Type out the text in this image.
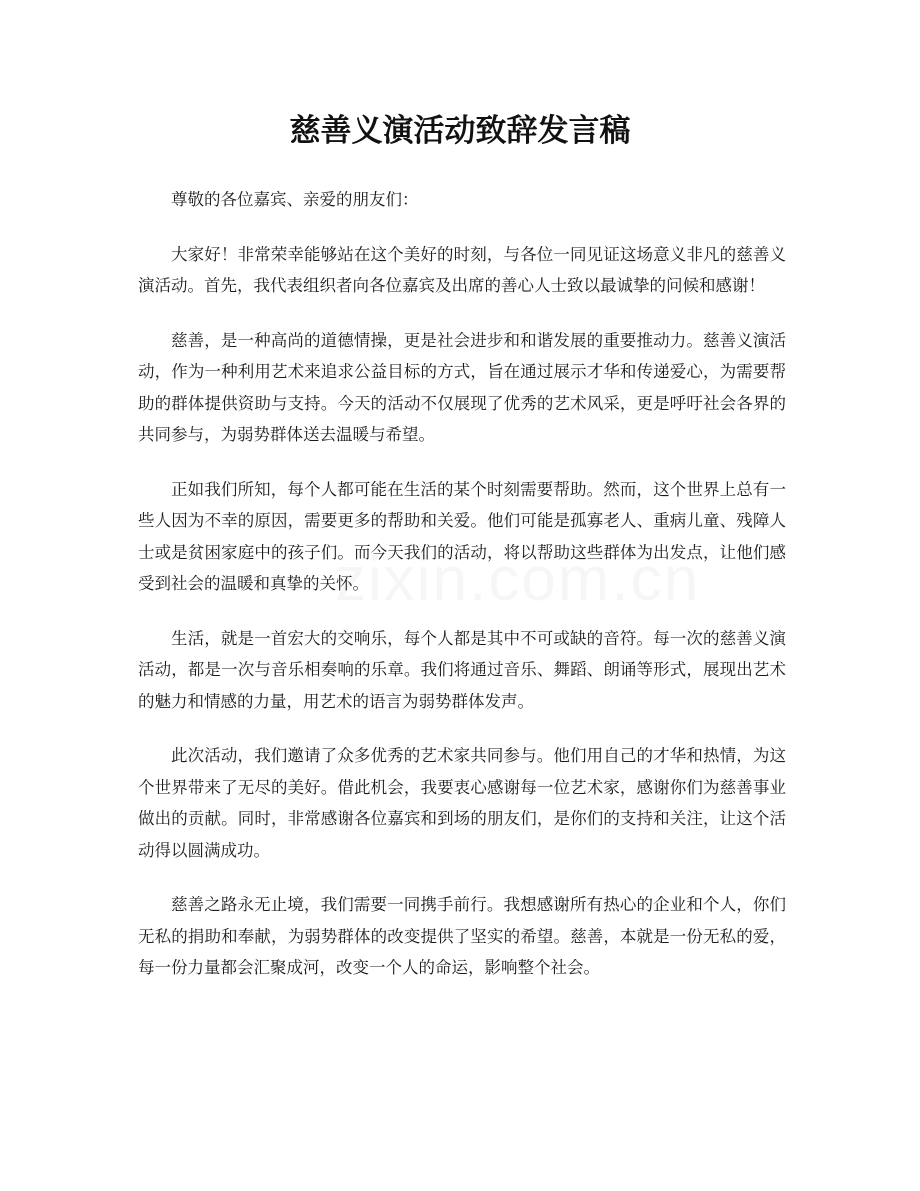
慈善义演活动致辞发言稿

尊敬的各位嘉宾、亲爱的朋友们：

大家好！非常荣幸能够站在这个美好的时刻，与各位一同见证这场意义非凡的慈善义演活动。首先，我代表组织者向各位嘉宾及出席的善心人士致以最诚挚的问候和感谢！

慈善，是一种高尚的道德情操，更是社会进步和和谐发展的重要推动力。慈善义演活动，作为一种利用艺术来追求公益目标的方式，旨在通过展示才华和传递爱心，为需要帮助的群体提供资助与支持。今天的活动不仅展现了优秀的艺术风采，更是呼吁社会各界的共同参与，为弱势群体送去温暖与希望。

正如我们所知，每个人都可能在生活的某个时刻需要帮助。然而，这个世界上总有一些人因为不幸的原因，需要更多的帮助和关爱。他们可能是孤寡老人、重病儿童、残障人士或是贫困家庭中的孩子们。而今天我们的活动，将以帮助这些群体为出发点，让他们感受到社会的温暖和真挚的关怀。

生活，就是一首宏大的交响乐，每个人都是其中不可或缺的音符。每一次的慈善义演活动，都是一次与音乐相奏响的乐章。我们将通过音乐、舞蹈、朗诵等形式，展现出艺术的魅力和情感的力量，用艺术的语言为弱势群体发声。

此次活动，我们邀请了众多优秀的艺术家共同参与。他们用自己的才华和热情，为这个世界带来了无尽的美好。借此机会，我要衷心感谢每一位艺术家，感谢你们为慈善事业做出的贡献。同时，非常感谢各位嘉宾和到场的朋友们，是你们的支持和关注，让这个活动得以圆满成功。

慈善之路永无止境，我们需要一同携手前行。我想感谢所有热心的企业和个人，你们无私的捐助和奉献，为弱势群体的改变提供了坚实的希望。慈善，本就是一份无私的爱，每一份力量都会汇聚成河，改变一个人的命运，影响整个社会。
